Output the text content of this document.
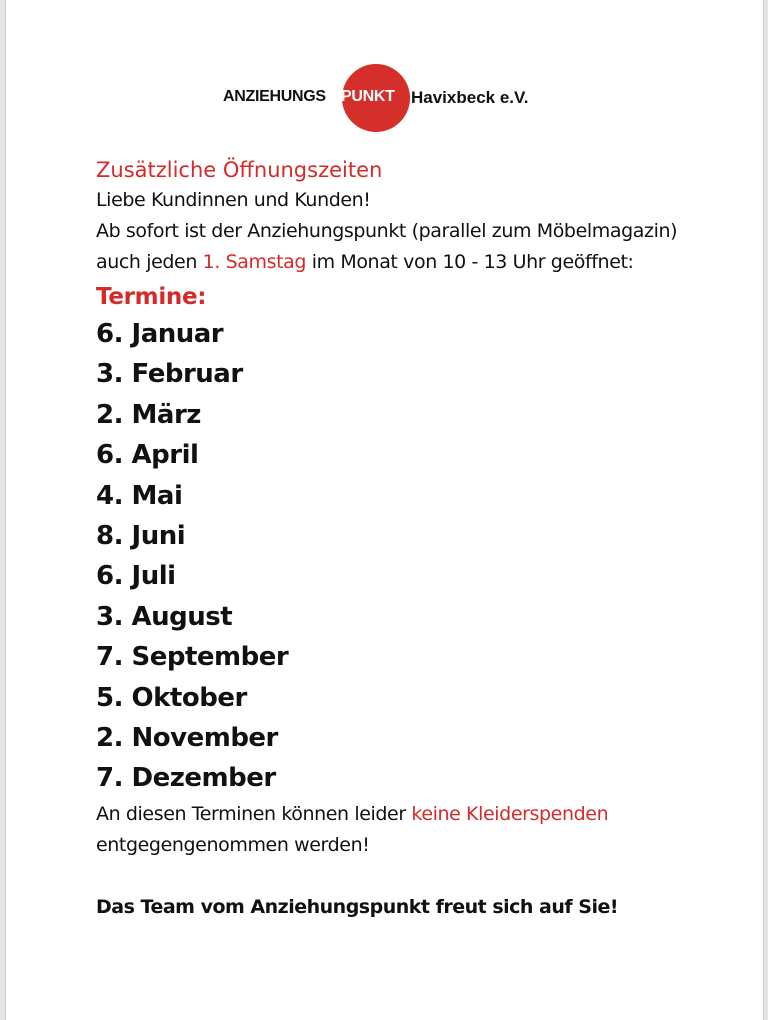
ANZIEHUNGS PUNKT Havixbeck e.V.

Zusätzliche Öffnungszeiten

Liebe Kundinnen und Kunden!

Ab sofort ist der Anziehungspunkt (parallel zum Möbelmagazin) auch jeden 1. Samstag im Monat von 10 - 13 Uhr geöffnet:

Termine:
6. Januar
3. Februar
2. März
6. April
4. Mai
8. Juni
6. Juli
3. August
7. September
5. Oktober
2. November
7. Dezember

An diesen Terminen können leider keine Kleiderspenden entgegengenommen werden!

Das Team vom Anziehungspunkt freut sich auf Sie!
